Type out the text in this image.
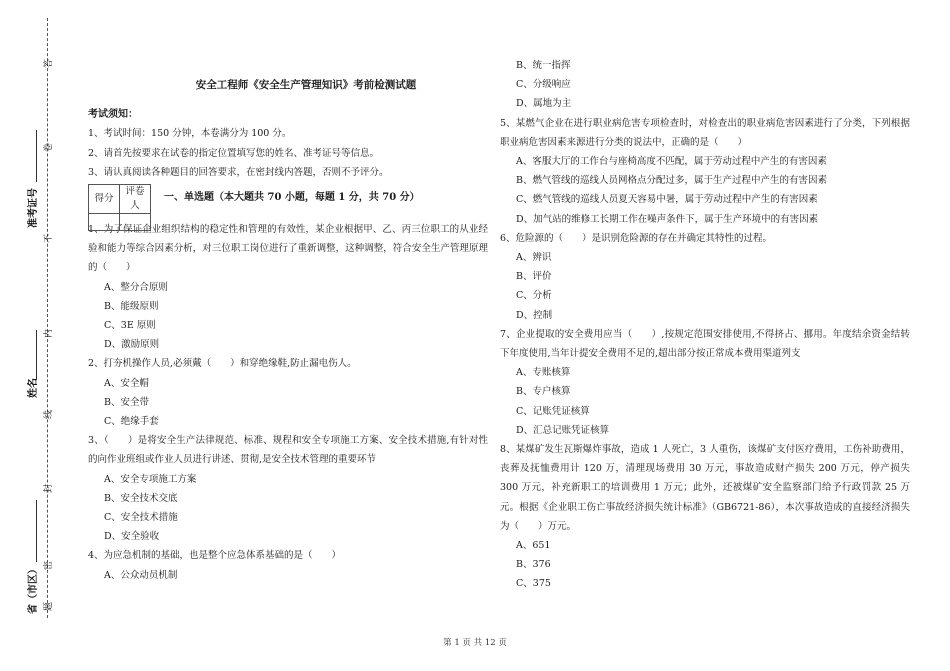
答
卷
不
内
线
封
密
题
准考证号
姓名
省（市区）
安全工程师《安全生产管理知识》考前检测试题
考试须知：

1、考试时间：150 分钟，本卷满分为 100 分。

2、请首先按要求在试卷的指定位置填写您的姓名、准考证号等信息。

3、请认真阅读各种题目的回答要求，在密封线内答题，否则不予评分。

得分	评卷人

一、单选题（本大题共 70 小题，每题 1 分，共 70 分）

1、为了保证企业组织结构的稳定性和管理的有效性，某企业根据甲、乙、丙三位职工的从业经验和能力等综合因素分析，对三位职工岗位进行了重新调整，这种调整，符合安全生产管理原理的（　　）

A、整分合原则

B、能级原则

C、3E 原则

D、激励原则

2、打夯机操作人员,必须戴（　　）和穿绝缘鞋,防止漏电伤人。

A、安全帽

B、安全带

C、绝缘手套

3、（　　）是将安全生产法律规范、标准、规程和安全专项施工方案、安全技术措施,有针对性的向作业班组或作业人员进行讲述、贯彻,是安全技术管理的重要环节

A、安全专项施工方案

B、安全技术交底

C、安全技术措施

D、安全验收

4、为应急机制的基础，也是整个应急体系基础的是（　　）

A、公众动员机制

B、统一指挥

C、分级响应

D、属地为主

5、某燃气企业在进行职业病危害专项检查时，对检查出的职业病危害因素进行了分类，下列根据职业病危害因素来源进行分类的说法中，正确的是（　　）

A、客服大厅的工作台与座椅高度不匹配，属于劳动过程中产生的有害因素

B、燃气管线的巡线人员网格点分配过多，属于生产过程中产生的有害因素

C、燃气管线的巡线人员夏天容易中暑，属于劳动过程中产生的有害因素

D、加气站的维修工长期工作在噪声条件下，属于生产环境中的有害因素

6、危险源的（　　）是识别危险源的存在并确定其特性的过程。

A、辨识

B、评价

C、分析

D、控制

7、企业提取的安全费用应当（　　）,按规定范围安排使用,不得挤占、挪用。年度结余资金结转下年度使用,当年计提安全费用不足的,超出部分按正常成本费用渠道列支

A、专账核算

B、专户核算

C、记账凭证核算

D、汇总记账凭证核算

8、某煤矿发生瓦斯爆炸事故，造成 1 人死亡，3 人重伤，该煤矿支付医疗费用，工伤补助费用，丧葬及抚恤费用计 120 万，清理现场费用 30 万元，事故造成财产损失 200 万元，停产损失 300 万元，补充新职工的培训费用 1 万元；此外，还被煤矿安全监察部门给予行政罚款 25 万元。根据《企业职工伤亡事故经济损失统计标准》（GB6721-86），本次事故造成的直接经济损失为（　　）万元。

A、651

B、376

C、375

第 1 页 共 12 页
